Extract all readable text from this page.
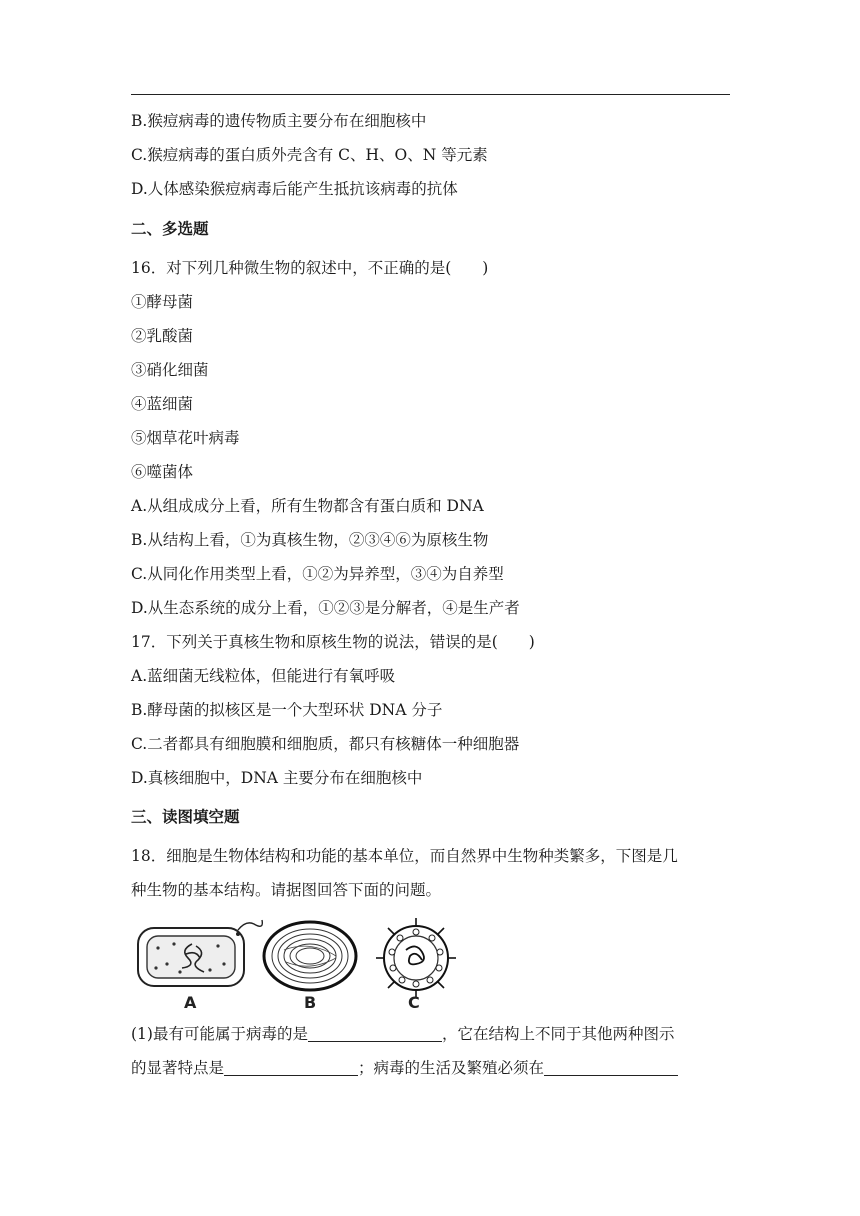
B.猴痘病毒的遗传物质主要分布在细胞核中
C.猴痘病毒的蛋白质外壳含有 C、H、O、N 等元素
D.人体感染猴痘病毒后能产生抵抗该病毒的抗体
二、多选题
16．对下列几种微生物的叙述中，不正确的是(　　)
①酵母菌
②乳酸菌
③硝化细菌
④蓝细菌
⑤烟草花叶病毒
⑥噬菌体
A.从组成成分上看，所有生物都含有蛋白质和 DNA
B.从结构上看，①为真核生物，②③④⑥为原核生物
C.从同化作用类型上看，①②为异养型，③④为自养型
D.从生态系统的成分上看，①②③是分解者，④是生产者
17．下列关于真核生物和原核生物的说法，错误的是(　　)
A.蓝细菌无线粒体，但能进行有氧呼吸
B.酵母菌的拟核区是一个大型环状 DNA 分子
C.二者都具有细胞膜和细胞质，都只有核糖体一种细胞器
D.真核细胞中，DNA 主要分布在细胞核中
三、读图填空题
18．细胞是生物体结构和功能的基本单位，而自然界中生物种类繁多，下图是几
种生物的基本结构。请据图回答下面的问题。
A	B	C
(1)最有可能属于病毒的是	，它在结构上不同于其他两种图示
的显著特点是	；病毒的生活及繁殖必须在
